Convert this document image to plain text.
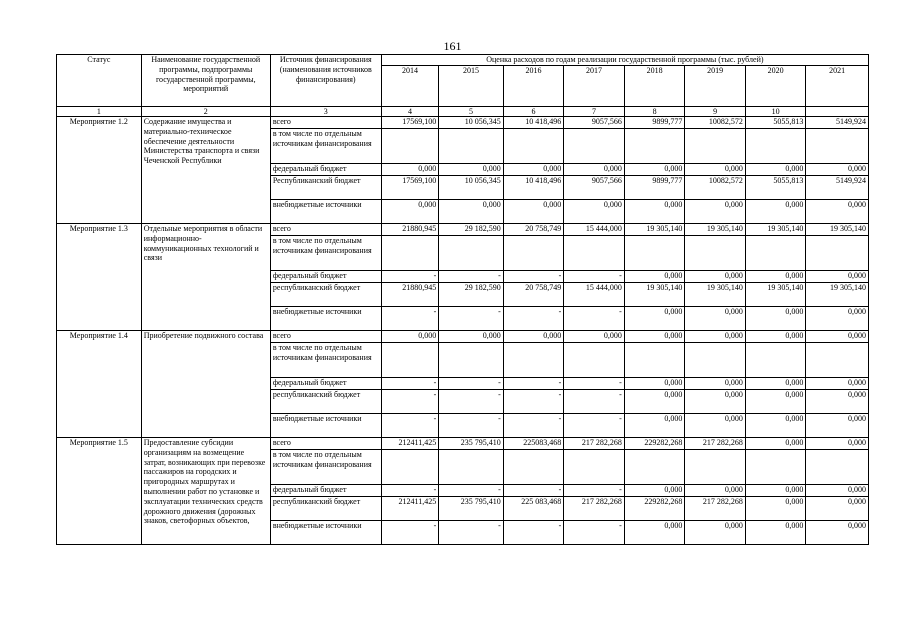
161
Статус	Наименование государственной программы, подпрограммы государственной программы, мероприятий	Источник финансирования (наименования источников финансирования)	Оценка расходов по годам реализации государственной программы (тыс. рублей)							
			2014	2015	2016	2017	2018	2019	2020	2021
1	2	3	4	5	6	7	8	9	10	
Мероприятие 1.2	Содержание имущества и материально-техническое обеспечение деятельности Министерства транспорта и связи Чеченской Республики	всего	17569,100	10 056,345	10 418,496	9057,566	9899,777	10082,572	5055,813	5149,924
		в том числе по отдельным источникам финансирования								
		федеральный бюджет	0,000	0,000	0,000	0,000	0,000	0,000	0,000	0,000
		Республиканский бюджет	17569,100	10 056,345	10 418,496	9057,566	9899,777	10082,572	5055,813	5149,924
		внебюджетные источники	0,000	0,000	0,000	0,000	0,000	0,000	0,000	0,000
Мероприятие 1.3	Отдельные мероприятия в области информационно-коммуникационных технологий и связи	всего	21880,945	29 182,590	20 758,749	15 444,000	19 305,140	19 305,140	19 305,140	19 305,140
		в том числе по отдельным источникам финансирования								
		федеральный бюджет	-	-	-	-	0,000	0,000	0,000	0,000
		республиканский бюджет	21880,945	29 182,590	20 758,749	15 444,000	19 305,140	19 305,140	19 305,140	19 305,140
		внебюджетные источники	-	-	-	-	0,000	0,000	0,000	0,000
Мероприятие 1.4	Приобретение подвижного состава	всего	0,000	0,000	0,000	0,000	0,000	0,000	0,000	0,000
		в том числе по отдельным источникам финансирования								
		федеральный бюджет	-	-	-	-	0,000	0,000	0,000	0,000
		республиканский бюджет	-	-	-	-	0,000	0,000	0,000	0,000
		внебюджетные источники	-	-	-	-	0,000	0,000	0,000	0,000
Мероприятие 1.5	Предоставление субсидии организациям на возмещение затрат, возникающих при перевозке пассажиров на городских и пригородных маршрутах и выполнении работ по установке и эксплуатации технических средств дорожного движения (дорожных знаков, светофорных объектов,	всего	212411,425	235 795,410	225083,468	217 282,268	229282,268	217 282,268	0,000	0,000
		в том числе по отдельным источникам финансирования								
		федеральный бюджет	-	-	-	-	0,000	0,000	0,000	0,000
		республиканский бюджет	212411,425	235 795,410	225 083,468	217 282,268	229282,268	217 282,268	0,000	0,000
		внебюджетные источники	-	-	-	-	0,000	0,000	0,000	0,000
